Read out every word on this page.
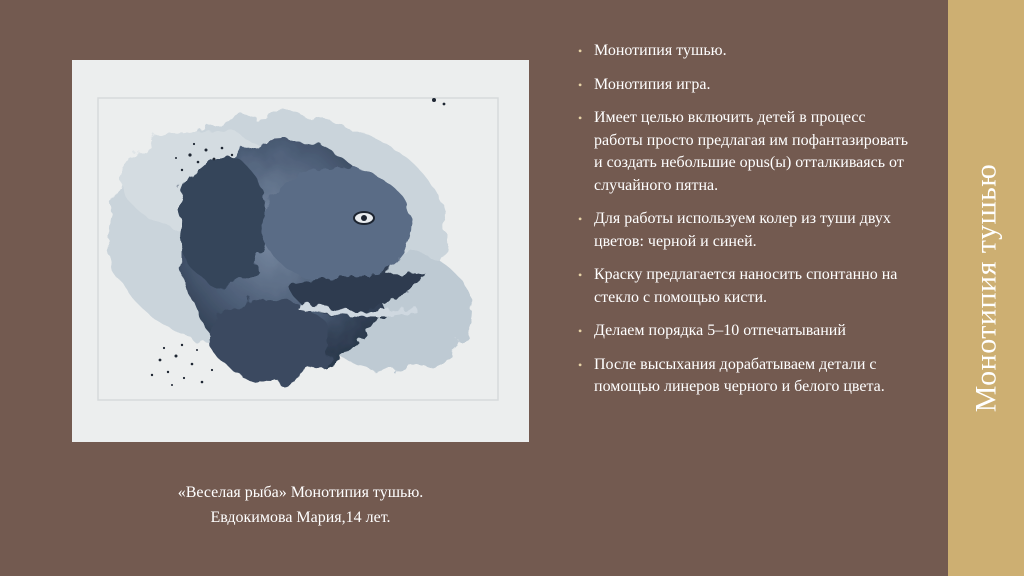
«Веселая рыба» Монотипия тушью.
Евдокимова Мария,14 лет.
• Монотипия тушью.
• Монотипия игра.
• Имеет целью включить детей в процесс работы просто предлагая им пофантазировать и создать небольшие opus(ы) отталкиваясь от случайного пятна.
• Для работы используем колер из туши двух цветов: черной и синей.
• Краску предлагается наносить спонтанно на стекло с помощью кисти.
• Делаем порядка 5–10 отпечатываний
• После высыхания дорабатываем детали с помощью линеров черного и белого цвета.	Монотипия тушью
